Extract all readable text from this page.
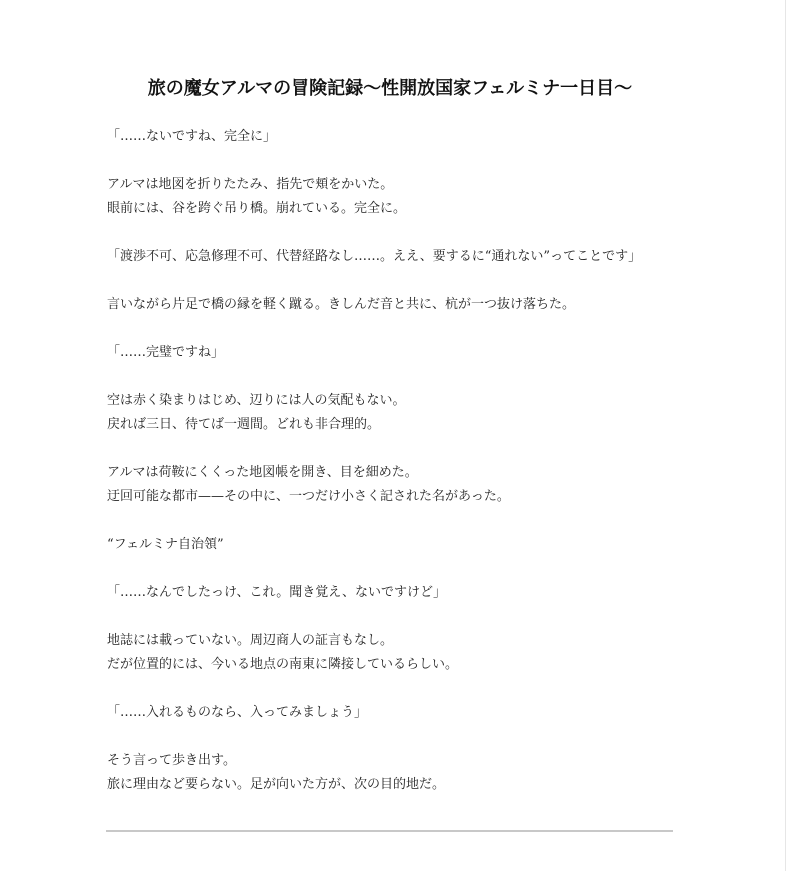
旅の魔女アルマの冒険記録〜性開放国家フェルミナ一日目〜

「……ないですね、完全に」

アルマは地図を折りたたみ、指先で頬をかいた。
眼前には、谷を跨ぐ吊り橋。崩れている。完全に。

「渡渉不可、応急修理不可、代替経路なし……。ええ、要するに“通れない”ってことです」

言いながら片足で橋の縁を軽く蹴る。きしんだ音と共に、杭が一つ抜け落ちた。

「……完璧ですね」

空は赤く染まりはじめ、辺りには人の気配もない。
戻れば三日、待てば一週間。どれも非合理的。

アルマは荷鞍にくくった地図帳を開き、目を細めた。
迂回可能な都市——その中に、一つだけ小さく記された名があった。

“フェルミナ自治領”

「……なんでしたっけ、これ。聞き覚え、ないですけど」

地誌には載っていない。周辺商人の証言もなし。
だが位置的には、今いる地点の南東に隣接しているらしい。

「……入れるものなら、入ってみましょう」

そう言って歩き出す。
旅に理由など要らない。足が向いた方が、次の目的地だ。
